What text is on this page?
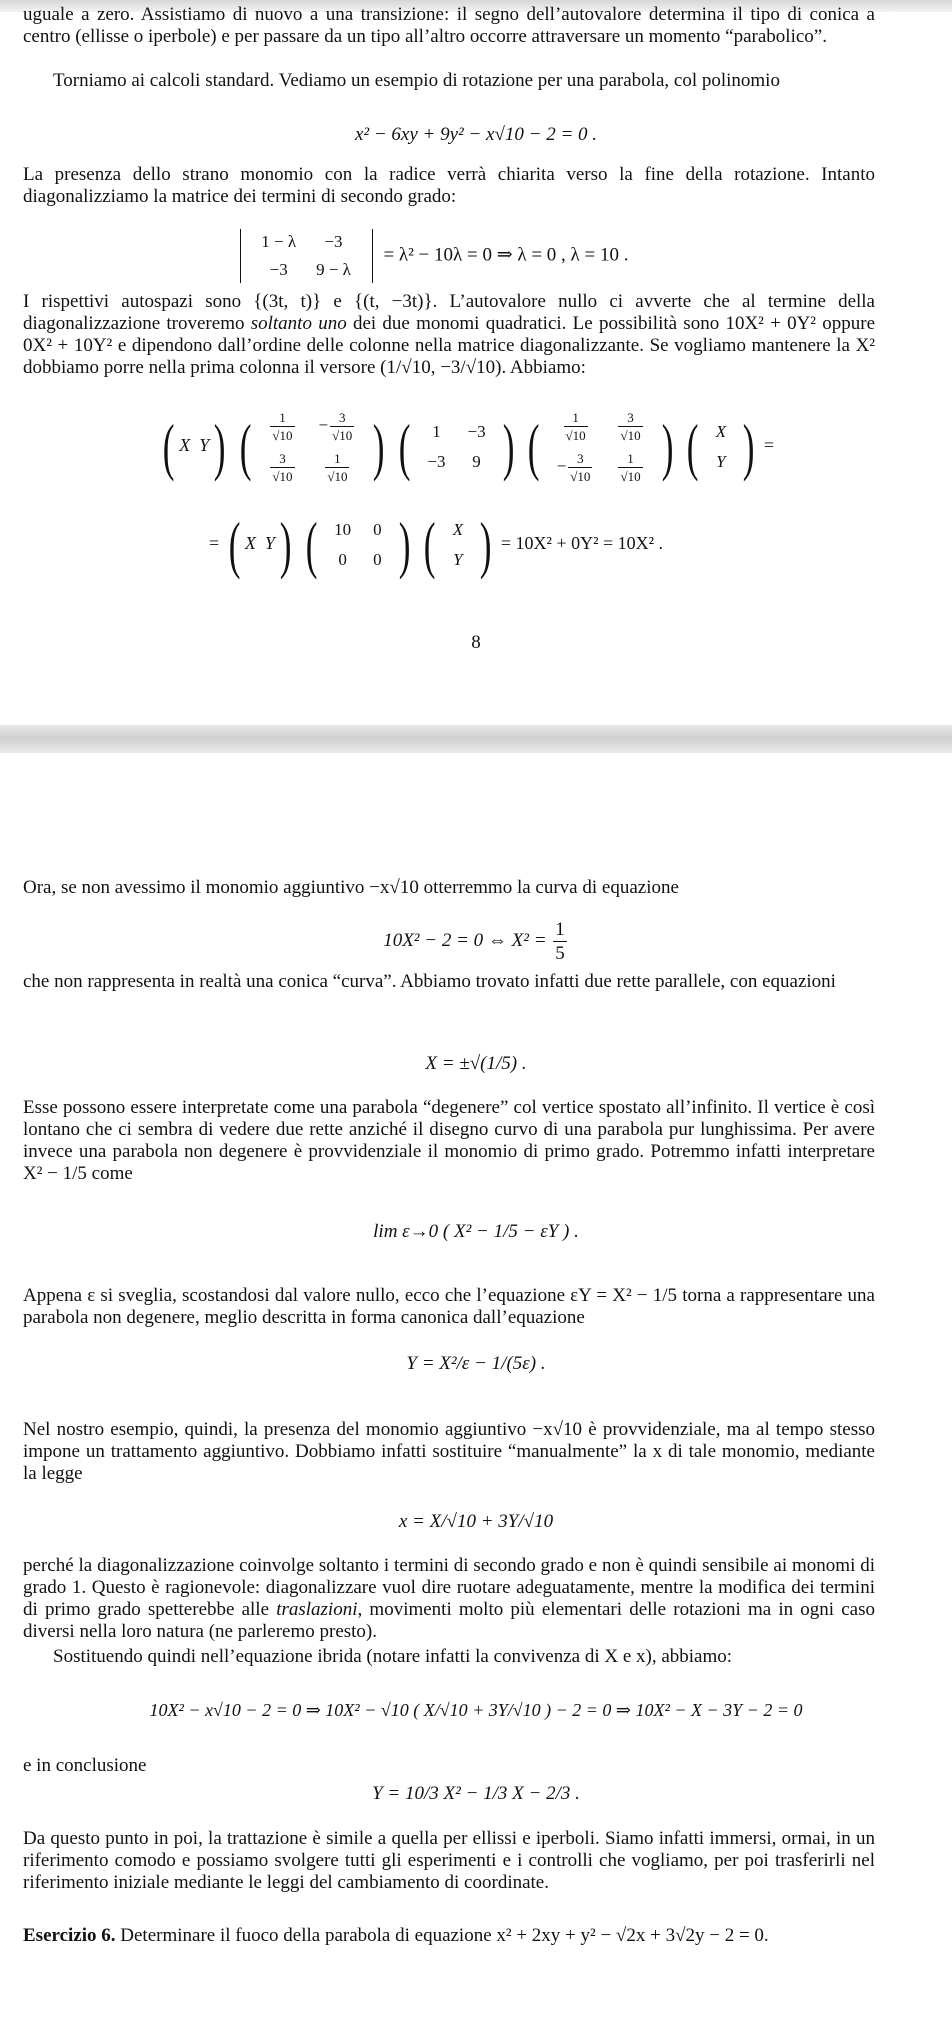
uguale a zero. Assistiamo di nuovo a una transizione: il segno dell’autovalore determina il tipo di conica a centro (ellisse o iperbole) e per passare da un tipo all’altro occorre attraversare un momento “parabolico”.
Torniamo ai calcoli standard. Vediamo un esempio di rotazione per una parabola, col polinomio
x² − 6xy + 9y² − x√10 − 2 = 0 .
La presenza dello strano monomio con la radice verrà chiarita verso la fine della rotazione. Intanto diagonalizziamo la matrice dei termini di secondo grado:
1 − λ	−3
−3	9 − λ  = λ² − 10λ = 0 ⇒ λ = 0 , λ = 10 .
I rispettivi autospazi sono {(3t, t)} e {(t, −3t)}. L’autovalore nullo ci avverte che al termine della diagonalizzazione troveremo soltanto uno dei due monomi quadratici. Le possibilità sono 10X² + 0Y² oppure 0X² + 10Y² e dipendono dall’ordine delle colonne nella matrice diagonalizzante. Se vogliamo mantenere la X² dobbiamo porre nella prima colonna il versore (1/√10, −3/√10). Abbiamo:
( X  Y) ( $\frac{1}{√10}$	− $\frac{3}{√10}$

$\frac{3}{√10}$	$\frac{1}{√10}$ ) ( 1	−3
−3	9 ) ( $\frac{1}{√10}$	$\frac{3}{√10}$

− $\frac{3}{√10}$	$\frac{1}{√10}$ ) ( X
Y ) =
= ( X  Y) ( 10	0
0	0 ) ( X
Y ) = 10X² + 0Y² = 10X² .
8
Ora, se non avessimo il monomio aggiuntivo −x√10 otterremmo la curva di equazione
10X² − 2 = 0 ⇔ $X^2 = \frac{1}{5}$
che non rappresenta in realtà una conica “curva”. Abbiamo trovato infatti due rette parallele, con equazioni
X = ±√(1/5) .
Esse possono essere interpretate come una parabola “degenere” col vertice spostato all’infinito. Il vertice è così lontano che ci sembra di vedere due rette anziché il disegno curvo di una parabola pur lunghissima. Per avere invece una parabola non degenere è provvidenziale il monomio di primo grado. Potremmo infatti interpretare X² − 1/5 come
lim ε→0 ( X² − 1/5 − εY ) .
Appena ε si sveglia, scostandosi dal valore nullo, ecco che l’equazione εY = X² − 1/5 torna a rappresentare una parabola non degenere, meglio descritta in forma canonica dall’equazione
Y = X²/ε − 1/(5ε) .
Nel nostro esempio, quindi, la presenza del monomio aggiuntivo −x√10 è provvidenziale, ma al tempo stesso impone un trattamento aggiuntivo. Dobbiamo infatti sostituire “manualmente” la x di tale monomio, mediante la legge
x = X/√10 + 3Y/√10
perché la diagonalizzazione coinvolge soltanto i termini di secondo grado e non è quindi sensibile ai monomi di grado 1. Questo è ragionevole: diagonalizzare vuol dire ruotare adeguatamente, mentre la modifica dei termini di primo grado spetterebbe alle traslazioni, movimenti molto più elementari delle rotazioni ma in ogni caso diversi nella loro natura (ne parleremo presto).
Sostituendo quindi nell’equazione ibrida (notare infatti la convivenza di X e x), abbiamo:
10X² − x√10 − 2 = 0 ⇒ 10X² − √10 ( X/√10 + 3Y/√10 ) − 2 = 0 ⇒ 10X² − X − 3Y − 2 = 0
e in conclusione
Y = 10/3 X² − 1/3 X − 2/3 .
Da questo punto in poi, la trattazione è simile a quella per ellissi e iperboli. Siamo infatti immersi, ormai, in un riferimento comodo e possiamo svolgere tutti gli esperimenti e i controlli che vogliamo, per poi trasferirli nel riferimento iniziale mediante le leggi del cambiamento di coordinate.
Esercizio 6. Determinare il fuoco della parabola di equazione x² + 2xy + y² − √2x + 3√2y − 2 = 0.
